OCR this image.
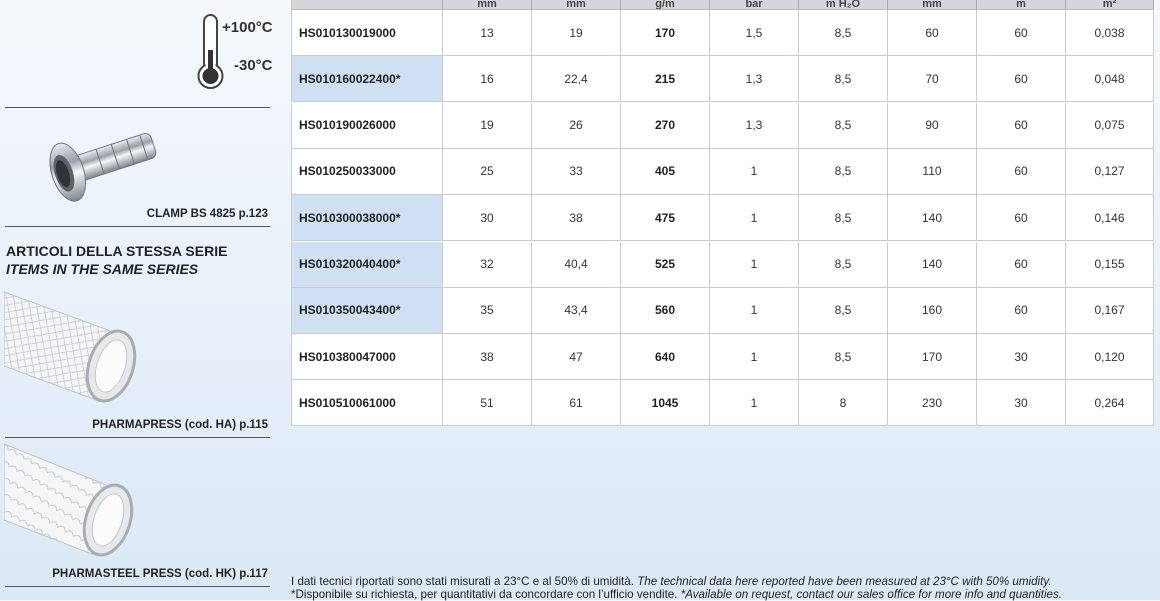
+100°C
-30°C
CLAMP BS 4825 p.123
ARTICOLI DELLA STESSA SERIE
ITEMS IN THE SAME SERIES
PHARMAPRESS (cod. HA) p.115
PHARMASTEEL PRESS (cod. HK) p.117
mm	mm	g/m	bar	m H₂O	mm	m	m²
HS010130019000	13	19	170	1,5	8,5	60	60	0,038
HS010160022400*	16	22,4	215	1,3	8,5	70	60	0,048
HS010190026000	19	26	270	1,3	8,5	90	60	0,075
HS010250033000	25	33	405	1	8,5	110	60	0,127
HS010300038000*	30	38	475	1	8,5	140	60	0,146
HS010320040400*	32	40,4	525	1	8,5	140	60	0,155
HS010350043400*	35	43,4	560	1	8,5	160	60	0,167
HS010380047000	38	47	640	1	8,5	170	30	0,120
HS010510061000	51	61	1045	1	8	230	30	0,264
I dati tecnici riportati sono stati misurati a 23°C e al 50% di umidità. The technical data here reported have been measured at 23°C with 50% umidity.
*Disponibile su richiesta, per quantitativi da concordare con l’ufficio vendite. *Available on request, contact our sales office for more info and quantities.
